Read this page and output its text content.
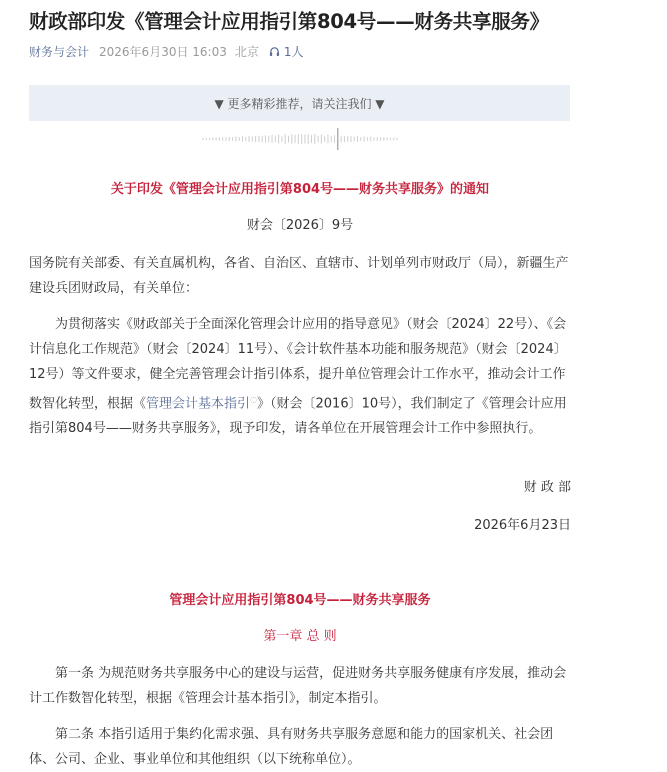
财政部印发《管理会计应用指引第804号——财务共享服务》
财务与会计 2026年6月30日 16:03 北京 1人
▼ 更多精彩推荐，请关注我们 ▼
关于印发《管理会计应用指引第804号——财务共享服务》的通知
财会〔2026〕9号
国务院有关部委、有关直属机构，各省、自治区、直辖市、计划单列市财政厅（局），新疆生产建设兵团财政局，有关单位：
为贯彻落实《财政部关于全面深化管理会计应用的指导意见》（财会〔2024〕22号）、《会计信息化工作规范》（财会〔2024〕11号）、《会计软件基本功能和服务规范》（财会〔2024〕12号）等文件要求，健全完善管理会计指引体系，提升单位管理会计工作水平，推动会计工作数智化转型，根据《管理会计基本指引◌》（财会〔2016〕10号），我们制定了《管理会计应用指引第804号——财务共享服务》，现予印发，请各单位在开展管理会计工作中参照执行。
财 政 部
2026年6月23日
管理会计应用指引第804号——财务共享服务
第一章 总 则
第一条 为规范财务共享服务中心的建设与运营，促进财务共享服务健康有序发展，推动会计工作数智化转型，根据《管理会计基本指引》，制定本指引。
第二条 本指引适用于集约化需求强、具有财务共享服务意愿和能力的国家机关、社会团体、公司、企业、事业单位和其他组织（以下统称单位）。
